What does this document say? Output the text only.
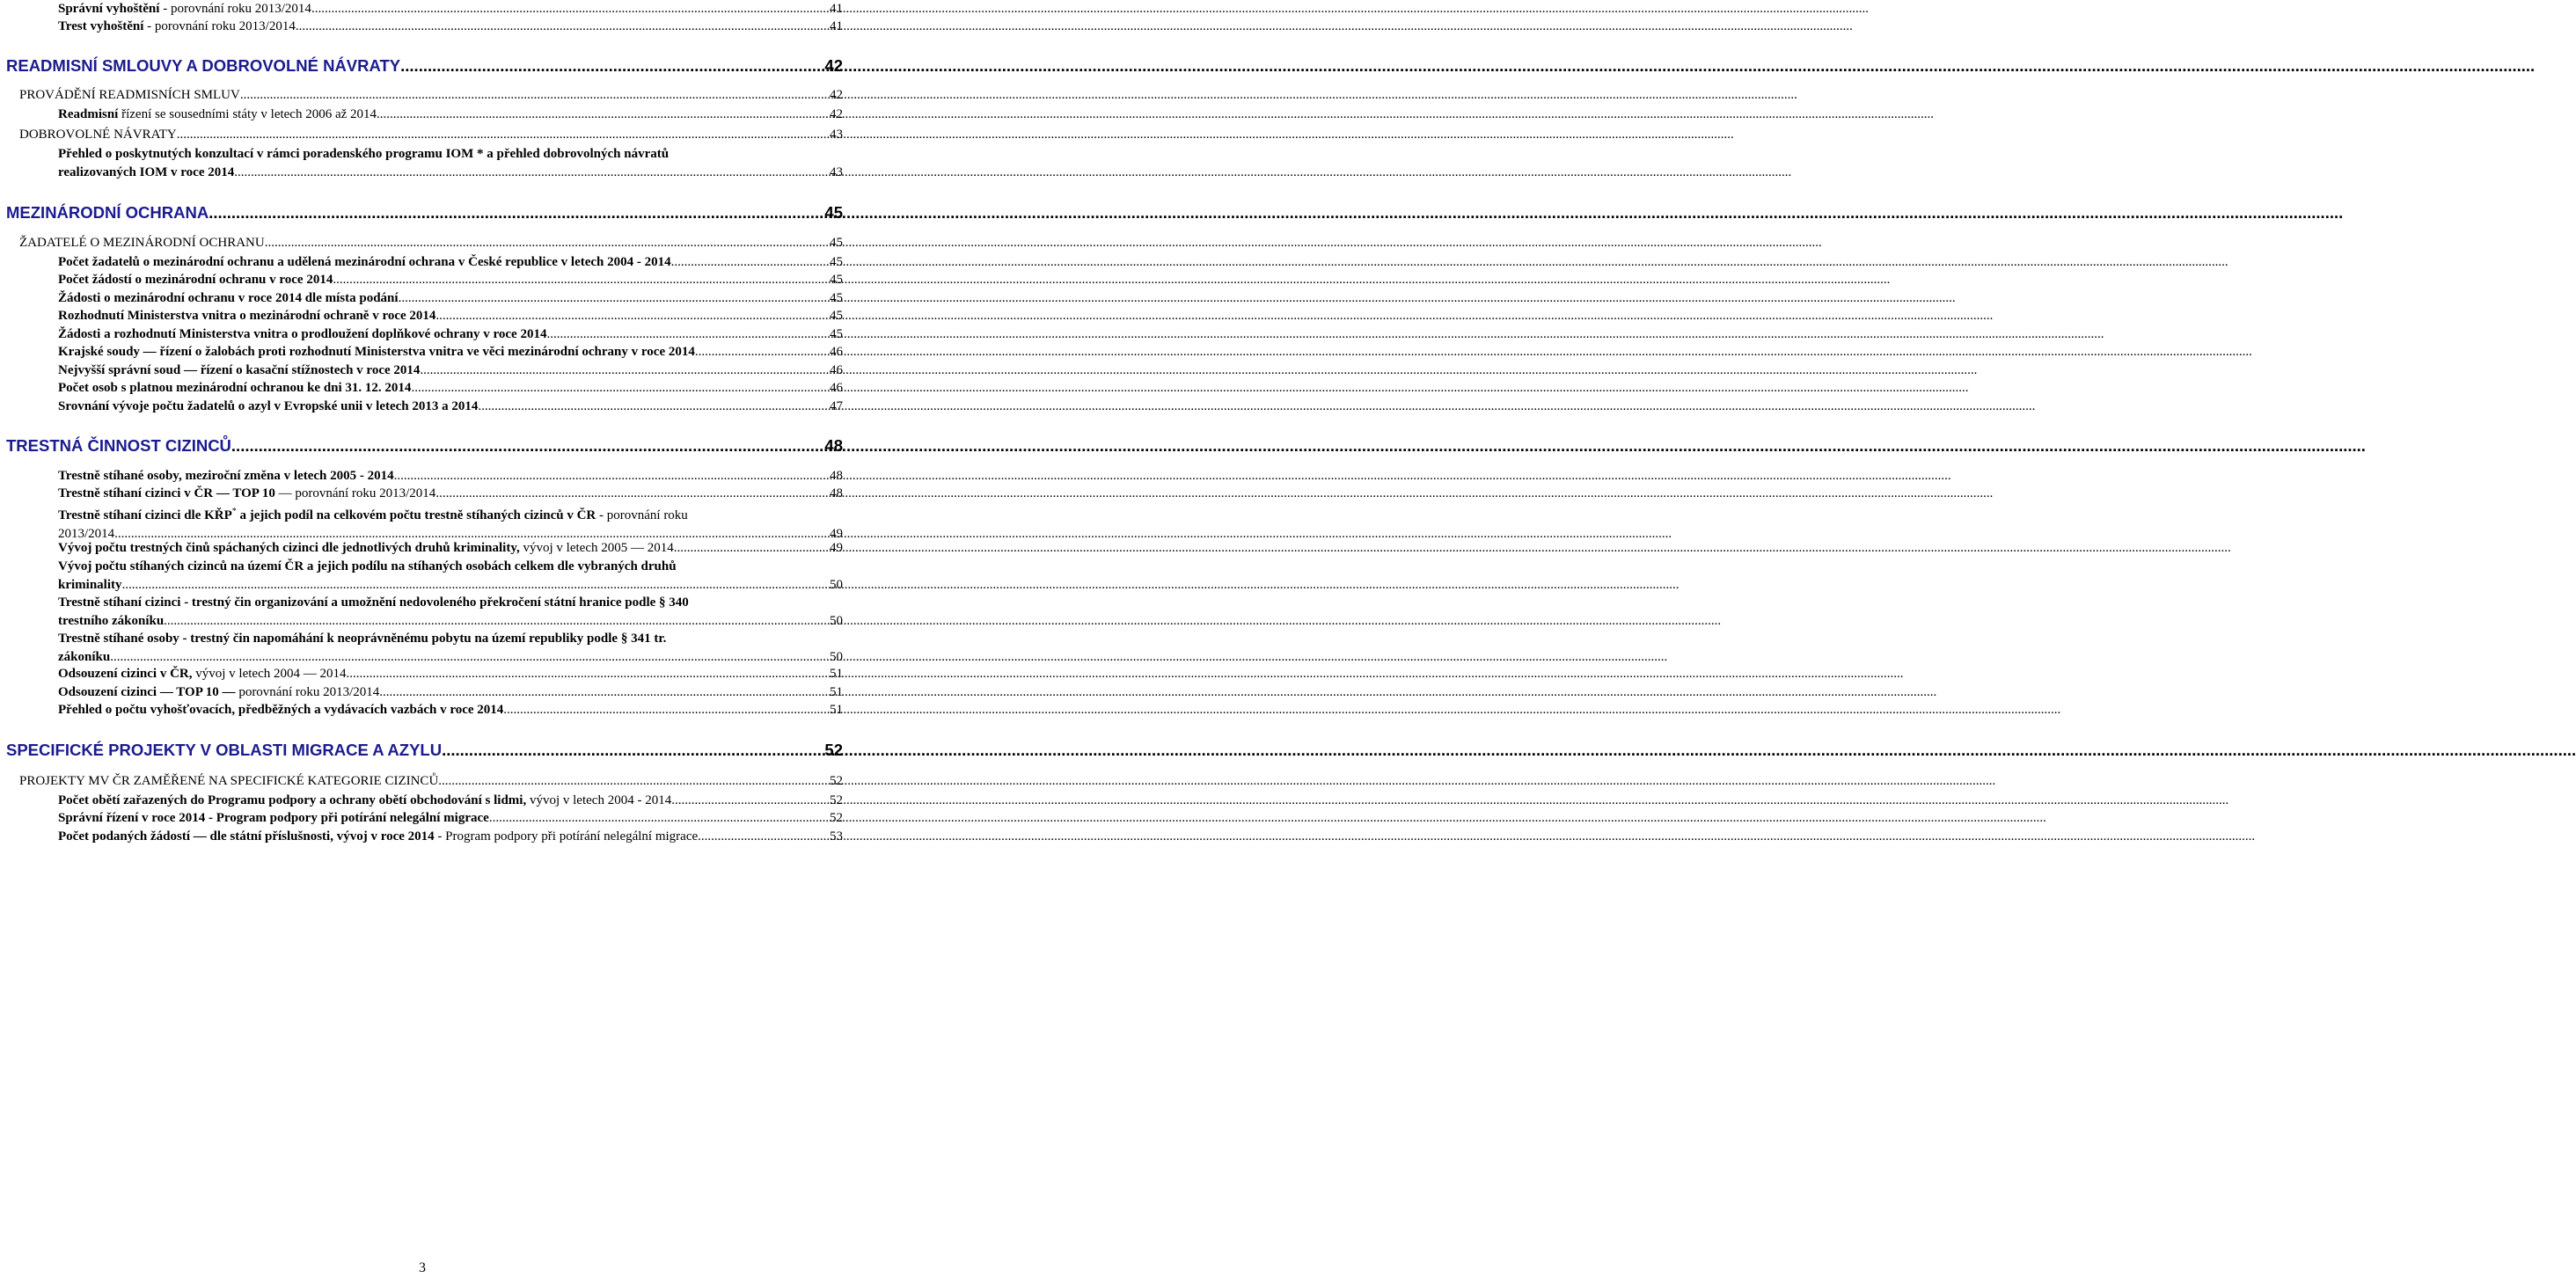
Správní vyhoštění - porovnání roku 2013/2014 .....	41
Trest vyhoštění - porovnání roku 2013/2014 .....	41
READMISNÍ SMLOUVY A DOBROVOLNÉ NÁVRATY .....	42
PROVÁDĚNÍ READMISNÍCH SMLUV .....	42
Readmisní řízení se sousedními státy v letech 2006 až 2014 .....	42
DOBROVOLNÉ NÁVRATY .....	43
Přehled o poskytnutých konzultací v rámci poradenského programu IOM * a přehled dobrovolných návratů
realizovaných IOM v roce 2014 .....	43
MEZINÁRODNÍ OCHRANA .....	45
ŽADATELÉ O MEZINÁRODNÍ OCHRANU .....	45
Počet žadatelů o mezinárodní ochranu a udělená mezinárodní ochrana v České republice v letech 2004 - 2014 .....	45
Počet žádostí o mezinárodní ochranu v roce 2014 .....	45
Žádosti o mezinárodní ochranu v roce 2014 dle místa podání .....	45
Rozhodnutí Ministerstva vnitra o mezinárodní ochraně v roce 2014 .....	45
Žádosti a rozhodnutí Ministerstva vnitra o prodloužení doplňkové ochrany v roce 2014 .....	45
Krajské soudy — řízení o žalobách proti rozhodnutí Ministerstva vnitra ve věci mezinárodní ochrany v roce 2014 .....	46
Nejvyšší správní soud — řízení o kasační stížnostech v roce 2014 .....	46
Počet osob s platnou mezinárodní ochranou ke dni 31. 12. 2014 .....	46
Srovnání vývoje počtu žadatelů o azyl v Evropské unii v letech 2013 a 2014 .....	47
TRESTNÁ ČINNOST CIZINCŮ .....	48
Trestně stíhané osoby, meziroční změna v letech 2005 - 2014 .....	48
Trestně stíhaní cizinci v ČR — TOP 10 — porovnání roku 2013/2014 .....	48
Trestně stíhaní cizinci dle KŘP* a jejich podíl na celkovém počtu trestně stíhaných cizinců v ČR - porovnání roku
2013/2014 .....	49
Vývoj počtu trestných činů spáchaných cizinci dle jednotlivých druhů kriminality, vývoj v letech 2005 — 2014 .....	49
Vývoj počtu stíhaných cizinců na území ČR a jejich podílu na stíhaných osobách celkem dle vybraných druhů
kriminality .....	50
Trestně stíhaní cizinci - trestný čin organizování a umožnění nedovoleného překročení státní hranice podle § 340
trestního zákoníku .....	50
Trestně stíhané osoby - trestný čin napomáhání k neoprávněnému pobytu na území republiky podle § 341 tr.
zákoníku .....	50
Odsouzení cizinci v ČR, vývoj v letech 2004 — 2014 .....	51
Odsouzení cizinci — TOP 10 — porovnání roku 2013/2014 .....	51
Přehled o počtu vyhošťovacích, předběžných a vydávacích vazbách v roce 2014 .....	51
SPECIFICKÉ PROJEKTY V OBLASTI MIGRACE A AZYLU .....	52
PROJEKTY MV ČR ZAMĚŘENÉ NA SPECIFICKÉ KATEGORIE CIZINCŮ .....	52
Počet obětí zařazených do Programu podpory a ochrany obětí obchodování s lidmi, vývoj v letech 2004 - 2014 .....	52
Správní řízení v roce 2014 - Program podpory při potírání nelegální migrace .....	52
Počet podaných žádostí — dle státní příslušnosti, vývoj v roce 2014 - Program podpory při potírání nelegální migrace .....	53
3
